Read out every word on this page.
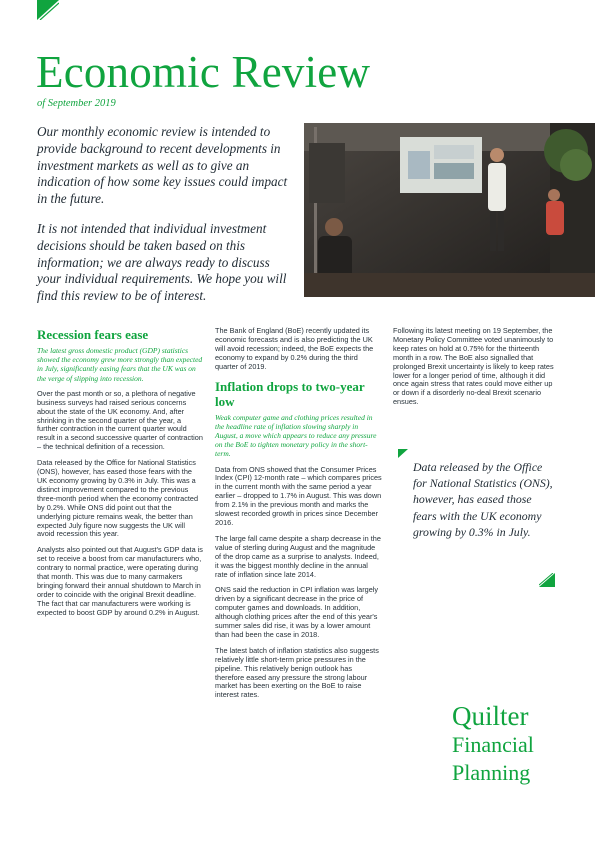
Economic Review
of September 2019
Our monthly economic review is intended to provide background to recent developments in investment markets as well as to give an indication of how some key issues could impact in the future.
It is not intended that individual investment decisions should be taken based on this information; we are always ready to discuss your individual requirements. We hope you will find this review to be of interest.
Recession fears ease

The latest gross domestic product (GDP) statistics showed the economy grew more strongly than expected in July, significantly easing fears that the UK was on the verge of slipping into recession.

Over the past month or so, a plethora of negative business surveys had raised serious concerns about the state of the UK economy. And, after shrinking in the second quarter of the year, a further contraction in the current quarter would result in a second successive quarter of contraction – the technical definition of a recession.

Data released by the Office for National Statistics (ONS), however, has eased those fears with the UK economy growing by 0.3% in July. This was a distinct improvement compared to the previous three-month period when the economy contracted by 0.2%. While ONS did point out that the underlying picture remains weak, the better than expected July figure now suggests the UK will avoid recession this year.

Analysts also pointed out that August's GDP data is set to receive a boost from car manufacturers who, contrary to normal practice, were operating during that month. This was due to many carmakers bringing forward their annual shutdown to March in order to coincide with the original Brexit deadline. The fact that car manufacturers were working is expected to boost GDP by around 0.2% in August.

The Bank of England (BoE) recently updated its economic forecasts and is also predicting the UK will avoid recession; indeed, the BoE expects the economy to expand by 0.2% during the third quarter of 2019.

Inflation drops to two-year low

Weak computer game and clothing prices resulted in the headline rate of inflation slowing sharply in August, a move which appears to reduce any pressure on the BoE to tighten monetary policy in the short-term.

Data from ONS showed that the Consumer Prices Index (CPI) 12-month rate – which compares prices in the current month with the same period a year earlier – dropped to 1.7% in August. This was down from 2.1% in the previous month and marks the slowest recorded growth in prices since December 2016.

The large fall came despite a sharp decrease in the value of sterling during August and the magnitude of the drop came as a surprise to analysts. Indeed, it was the biggest monthly decline in the annual rate of inflation since late 2014.

ONS said the reduction in CPI inflation was largely driven by a significant decrease in the price of computer games and downloads. In addition, although clothing prices after the end of this year's summer sales did rise, it was by a lower amount than had been the case in 2018.

The latest batch of inflation statistics also suggests relatively little short-term price pressures in the pipeline. This relatively benign outlook has therefore eased any pressure the strong labour market has been exerting on the BoE to raise interest rates.

Following its latest meeting on 19 September, the Monetary Policy Committee voted unanimously to keep rates on hold at 0.75% for the thirteenth month in a row. The BoE also signalled that prolonged Brexit uncertainty is likely to keep rates lower for a longer period of time, although it did once again stress that rates could move either up or down if a disorderly no-deal Brexit scenario ensues.

Data released by the Office for National Statistics (ONS), however, has eased those fears with the UK economy growing by 0.3% in July.
Quilter
Financial
Planning
